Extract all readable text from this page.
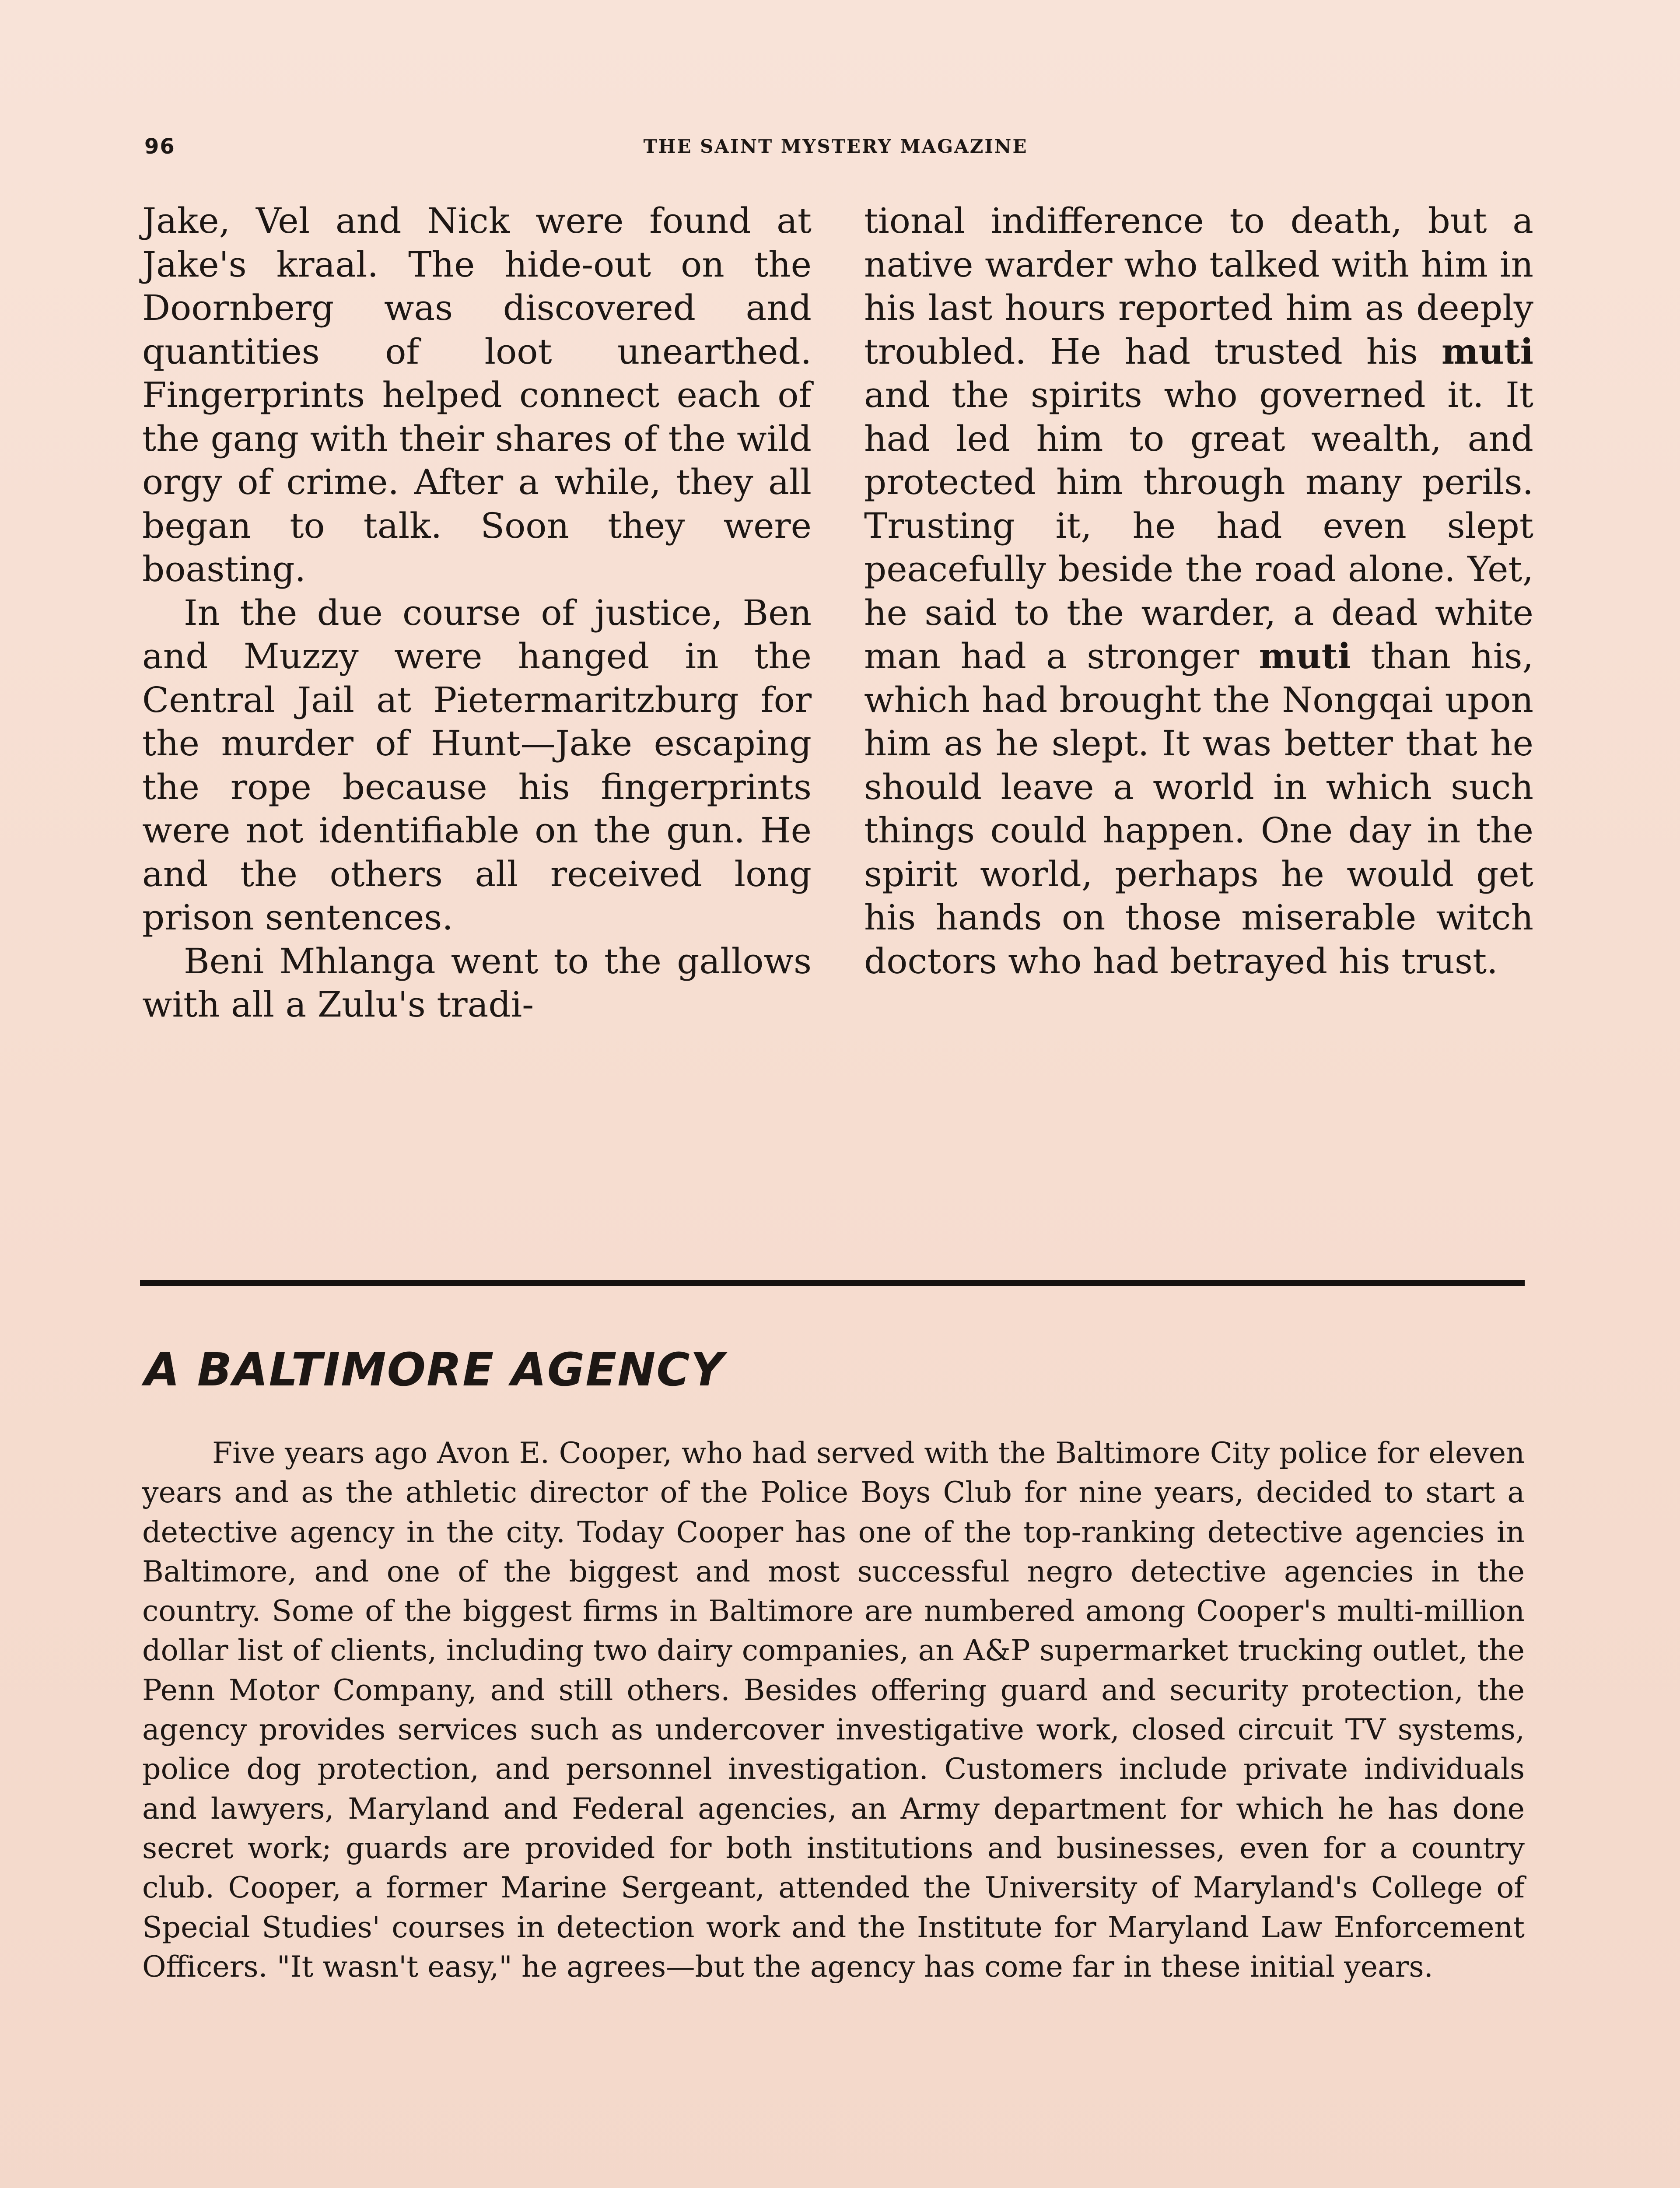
96	THE SAINT MYSTERY MAGAZINE

Jake, Vel and Nick were found at Jake's kraal. The hide-out on the Doornberg was discovered and quantities of loot unearthed. Fingerprints helped connect each of the gang with their shares of the wild orgy of crime. After a while, they all began to talk. Soon they were boasting.

In the due course of justice, Ben and Muzzy were hanged in the Central Jail at Pietermaritzburg for the murder of Hunt—Jake escaping the rope because his fingerprints were not identifiable on the gun. He and the others all received long prison sentences.

Beni Mhlanga went to the gallows with all a Zulu's tradi-

tional indifference to death, but a native warder who talked with him in his last hours reported him as deeply troubled. He had trusted his muti and the spirits who governed it. It had led him to great wealth, and protected him through many perils. Trusting it, he had even slept peacefully beside the road alone. Yet, he said to the warder, a dead white man had a stronger muti than his, which had brought the Nongqai upon him as he slept. It was better that he should leave a world in which such things could happen. One day in the spirit world, perhaps he would get his hands on those miserable witch doctors who had betrayed his trust.

A BALTIMORE AGENCY

Five years ago Avon E. Cooper, who had served with the Baltimore City police for eleven years and as the athletic director of the Police Boys Club for nine years, decided to start a detective agency in the city. Today Cooper has one of the top-ranking detective agencies in Baltimore, and one of the biggest and most successful negro detective agencies in the country. Some of the biggest firms in Baltimore are numbered among Cooper's multi-million dollar list of clients, including two dairy companies, an A&P supermarket trucking outlet, the Penn Motor Company, and still others. Besides offering guard and security protection, the agency provides services such as undercover investigative work, closed circuit TV systems, police dog protection, and personnel investigation. Customers include private individuals and lawyers, Maryland and Federal agencies, an Army department for which he has done secret work; guards are provided for both institutions and businesses, even for a country club. Cooper, a former Marine Sergeant, attended the University of Maryland's College of Special Studies' courses in detection work and the Institute for Maryland Law Enforcement Officers. "It wasn't easy," he agrees—but the agency has come far in these initial years.
